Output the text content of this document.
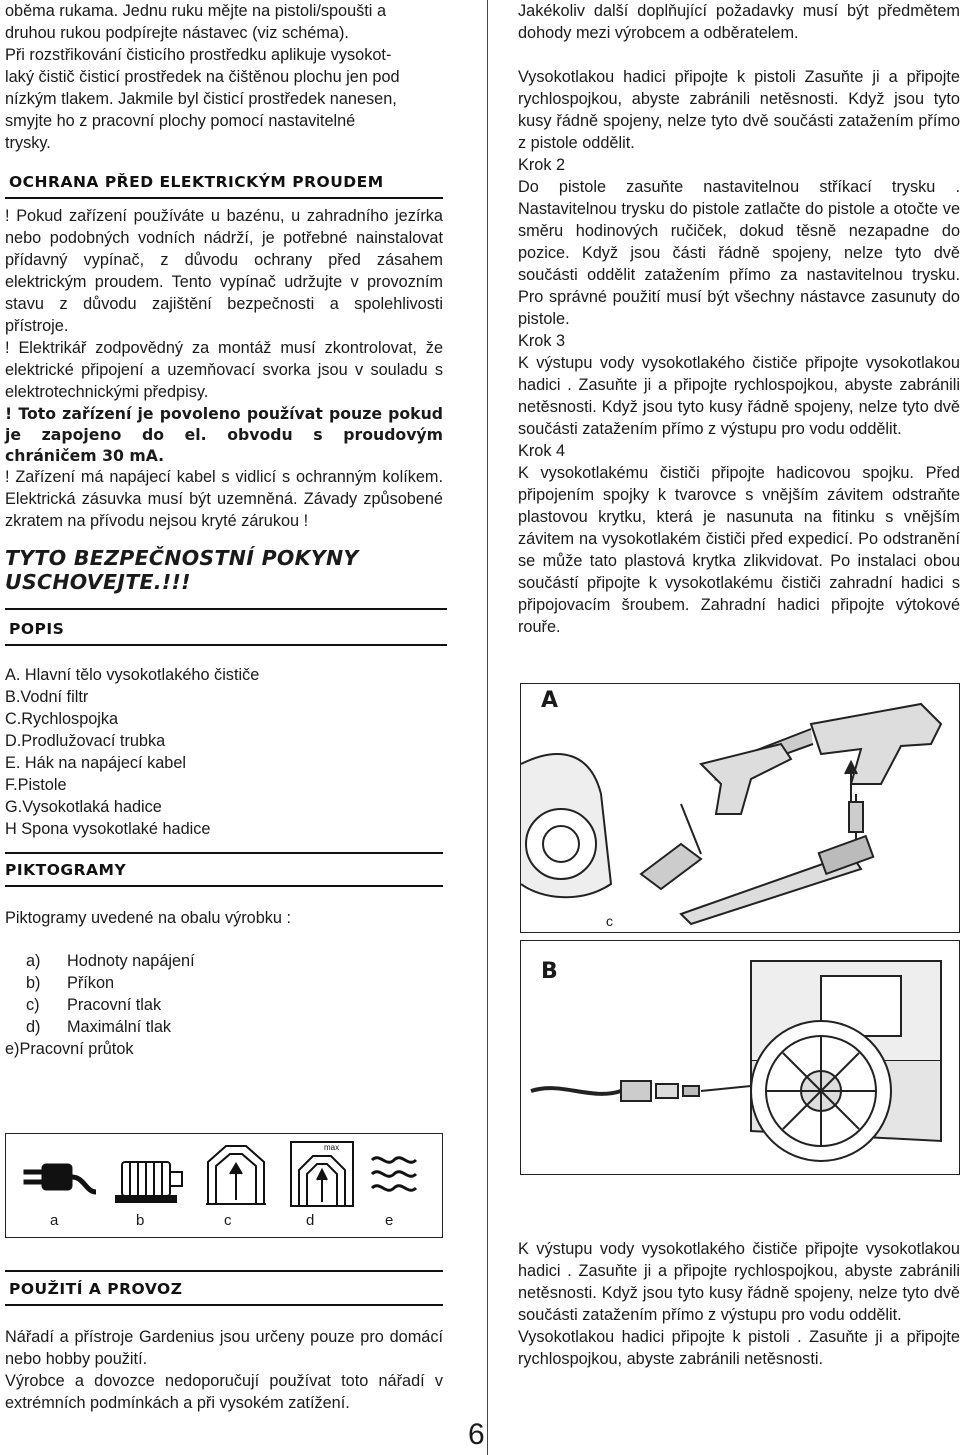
oběma rukama. Jednu ruku mějte na pistoli/spoušti a

druhou rukou podpírejte nástavec (viz schéma).

Při rozstřikování čisticího prostředku aplikuje vysokot-

laký čistič čisticí prostředek na čištěnou plochu jen pod

nízkým tlakem. Jakmile byl čisticí prostředek nanesen,

smyjte ho z pracovní plochy pomocí nastavitelné

trysky.

OCHRANA PŘED ELEKTRICKÝM PROUDEM

! Pokud zařízení používáte u bazénu, u zahradního jezírka nebo podobných vodních nádrží, je potřebné nainstalovat přídavný vypínač, z důvodu ochrany před zásahem elektrickým proudem. Tento vypínač udržujte v provozním stavu z důvodu zajištění bezpečnosti a spolehlivosti přístroje.

! Elektrikář zodpovědný za montáž musí zkontrolovat, že elektrické připojení a uzemňovací svorka jsou v souladu s elektrotechnickými předpisy.

! Toto zařízení je povoleno používat pouze pokud je zapojeno do el. obvodu s proudovým chráničem 30 mA.

! Zařízení má napájecí kabel s vidlicí s ochranným kolíkem. Elektrická zásuvka musí být uzemněná. Závady způsobené zkratem na přívodu nejsou kryté zárukou !

TYTO BEZPEČNOSTNÍ POKYNY USCHOVEJTE.!!!

POPIS

A. Hlavní tělo vysokotlakého čističe

B.Vodní filtr

C.Rychlospojka

D.Prodlužovací trubka

E. Hák na napájecí kabel

F.Pistole

G.Vysokotlaká hadice

H Spona vysokotlaké hadice

PIKTOGRAMY

Piktogramy uvedené na obalu výrobku :

a)	Hodnoty napájení
b)	Příkon
c)	Pracovní tlak
d)	Maximální tlak
e) Pracovní průtok
max
a	b	c	d	e
POUŽITÍ A PROVOZ

Nářadí a přístroje Gardenius jsou určeny pouze pro domácí nebo hobby použití.

Výrobce a dovozce nedoporučují používat toto nářadí v extrémních podmínkách a při vysokém zatížení.

Jakékoliv další doplňující požadavky musí být předmětem dohody mezi výrobcem a odběratelem.

Vysokotlakou hadici připojte k pistoli Zasuňte ji a připojte rychlospojkou, abyste zabránili netěsnosti. Když jsou tyto kusy řádně spojeny, nelze tyto dvě součásti zatažením přímo z pistole oddělit.

Krok 2

Do pistole zasuňte nastavitelnou stříkací trysku . Nastavitelnou trysku do pistole zatlačte do pistole a otočte ve směru hodinových ručiček, dokud těsně nezapadne do pozice. Když jsou části řádně spojeny, nelze tyto dvě součásti oddělit zatažením přímo za nastavitelnou trysku. Pro správné použití musí být všechny nástavce zasunuty do pistole.

Krok 3

K výstupu vody vysokotlakého čističe připojte vysokotlakou hadici . Zasuňte ji a připojte rychlospojkou, abyste zabránili netěsnosti. Když jsou tyto kusy řádně spojeny, nelze tyto dvě součásti zatažením přímo z výstupu pro vodu oddělit.

Krok 4

K vysokotlakému čističi připojte hadicovou spojku. Před připojením spojky k tvarovce s vnějším závitem odstraňte plastovou krytku, která je nasunuta na fitinku s vnějším závitem na vysokotlakém čističi před expedicí. Po odstranění se může tato plastová krytka zlikvidovat. Po instalaci obou součástí připojte k vysokotlakému čističi zahradní hadici s připojovacím šroubem. Zahradní hadici připojte výtokové rouře.

A
c
B

K výstupu vody vysokotlakého čističe připojte vysokotlakou hadici . Zasuňte ji a připojte rychlospojkou, abyste zabránili netěsnosti. Když jsou tyto kusy řádně spojeny, nelze tyto dvě součásti zatažením přímo z výstupu pro vodu oddělit.

Vysokotlakou hadici připojte k pistoli . Zasuňte ji a připojte rychlospojkou, abyste zabránili netěsnosti.

6
